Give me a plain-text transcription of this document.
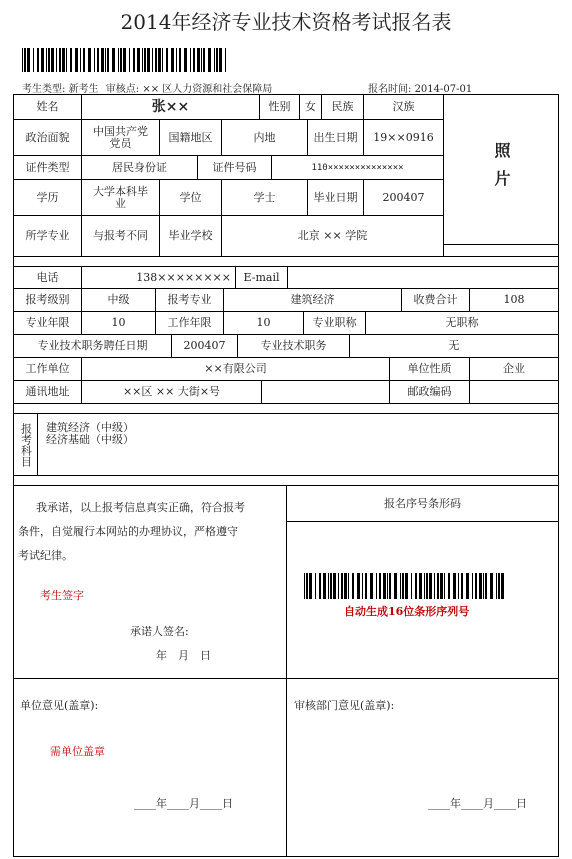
2014年经济专业技术资格考试报名表
考生类型: 新考生 审核点: ×× 区人力资源和社会保障局	报名时间: 2014-07-01
姓名	张××	性别	女	民族	汉族
照片
政治面貌	中国共产党党员	国籍地区	内地	出生日期	19××0916
证件类型	居民身份证	证件号码	110××××××××××××××
学历	大学本科毕业	学位	学士	毕业日期	200407
所学专业	与报考不同	毕业学校	北京 ×× 学院
电话	138××××××××	E-mail
报考级别	中级	报考专业	建筑经济	收费合计	108
专业年限	10	工作年限	10	专业职称	无职称
专业技术职务聘任日期	200407	专业技术职务	无
工作单位	××有限公司	单位性质	企业
通讯地址	××区 ×× 大街×号	邮政编码
报考科目	建筑经济（中级）
经济基础（中级）
报名序号条形码
我承诺，以上报考信息真实正确，符合报考
条件，自觉履行本网站的办理协议，严格遵守
考试纪律。
考生签字
承诺人签名:
年　月　日
自动生成16位条形序列号
单位意见(盖章):
需单位盖章
____年____月____日
审核部门意见(盖章):
____年____月____日
